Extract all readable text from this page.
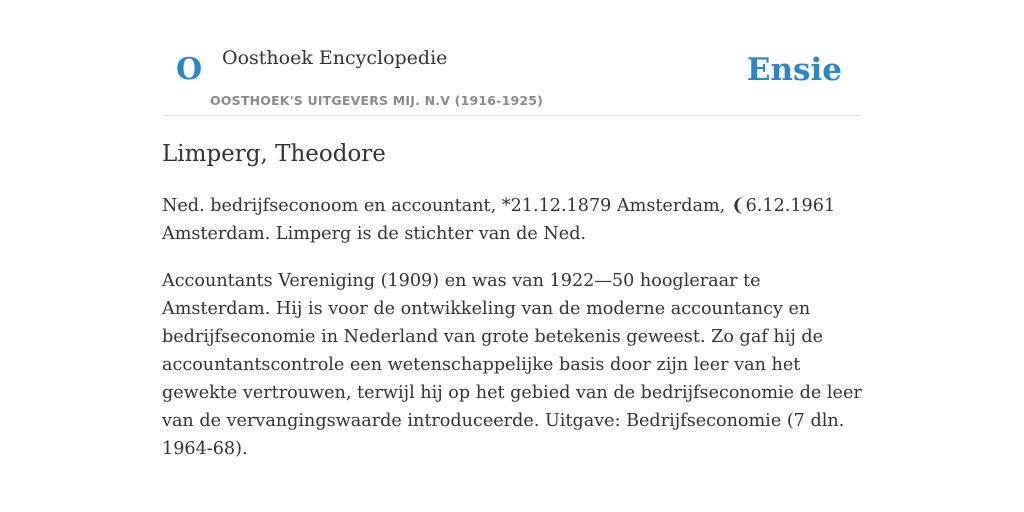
O Oosthoek Encyclopedie
OOSTHOEK'S UITGEVERS MIJ. N.V (1916-1925)
Ensie
Limperg, Theodore

Ned. bedrijfseconoom en accountant, *21.12.1879 Amsterdam, ❨6.12.1961 Amsterdam. Limperg is de stichter van de Ned.

Accountants Vereniging (1909) en was van 1922—50 hoogleraar te Amsterdam. Hij is voor de ontwikkeling van de moderne accountancy en bedrijfseconomie in Nederland van grote betekenis geweest. Zo gaf hij de accountantscontrole een wetenschappelijke basis door zijn leer van het gewekte vertrouwen, terwijl hij op het gebied van de bedrijfseconomie de leer van de vervangingswaarde introduceerde. Uitgave: Bedrijfseconomie (7 dln. 1964-68).
